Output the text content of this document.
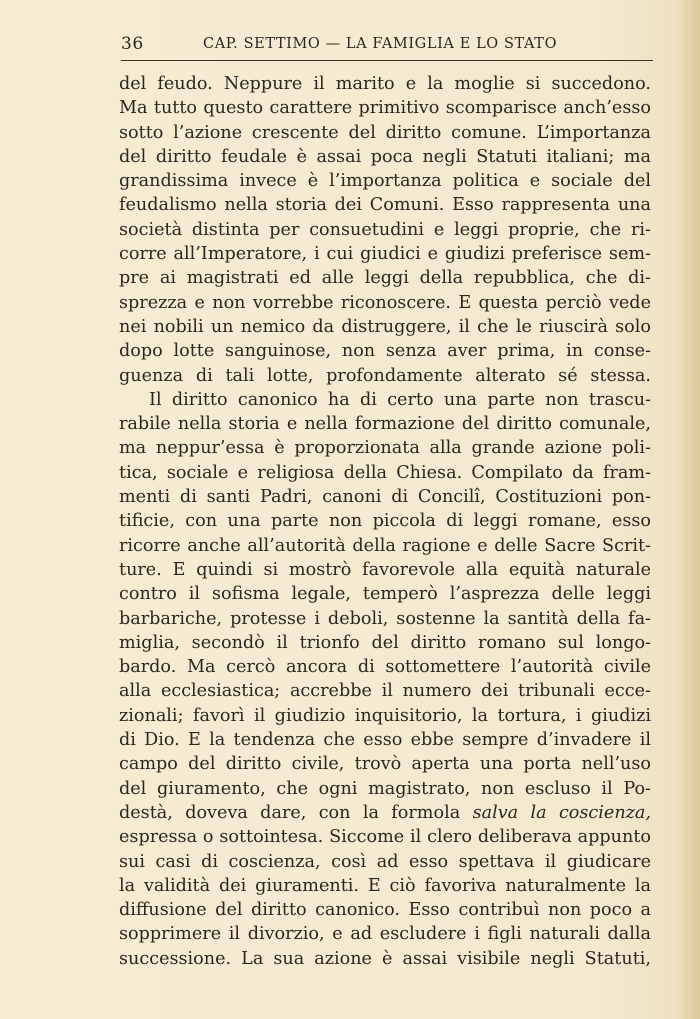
36	CAP. SETTIMO — LA FAMIGLIA E LO STATO
del feudo. Neppure il marito e la moglie si succedono.
Ma tutto questo carattere primitivo scomparisce anch’esso
sotto l’azione crescente del diritto comune. L’importanza
del diritto feudale è assai poca negli Statuti italiani; ma
grandissima invece è l’importanza politica e sociale del
feudalismo nella storia dei Comuni. Esso rappresenta una
società distinta per consuetudini e leggi proprie, che ri-
corre all’Imperatore, i cui giudici e giudizi preferisce sem-
pre ai magistrati ed alle leggi della repubblica, che di-
sprezza e non vorrebbe riconoscere. E questa perciò vede
nei nobili un nemico da distruggere, il che le riuscirà solo
dopo lotte sanguinose, non senza aver prima, in conse-
guenza di tali lotte, profondamente alterato sé stessa.
Il diritto canonico ha di certo una parte non trascu-
rabile nella storia e nella formazione del diritto comunale,
ma neppur’essa è proporzionata alla grande azione poli-
tica, sociale e religiosa della Chiesa. Compilato da fram-
menti di santi Padri, canoni di Concilî, Costituzioni pon-
tificie, con una parte non piccola di leggi romane, esso
ricorre anche all’autorità della ragione e delle Sacre Scrit-
ture. E quindi si mostrò favorevole alla equità naturale
contro il sofisma legale, temperò l’asprezza delle leggi
barbariche, protesse i deboli, sostenne la santità della fa-
miglia, secondò il trionfo del diritto romano sul longo-
bardo. Ma cercò ancora di sottomettere l’autorità civile
alla ecclesiastica; accrebbe il numero dei tribunali ecce-
zionali; favorì il giudizio inquisitorio, la tortura, i giudizi
di Dio. E la tendenza che esso ebbe sempre d’invadere il
campo del diritto civile, trovò aperta una porta nell’uso
del giuramento, che ogni magistrato, non escluso il Po-
destà, doveva dare, con la formola salva la coscienza,
espressa o sottointesa. Siccome il clero deliberava appunto
sui casi di coscienza, così ad esso spettava il giudicare
la validità dei giuramenti. E ciò favoriva naturalmente la
diffusione del diritto canonico. Esso contribuì non poco a
sopprimere il divorzio, e ad escludere i figli naturali dalla
successione. La sua azione è assai visibile negli Statuti,
